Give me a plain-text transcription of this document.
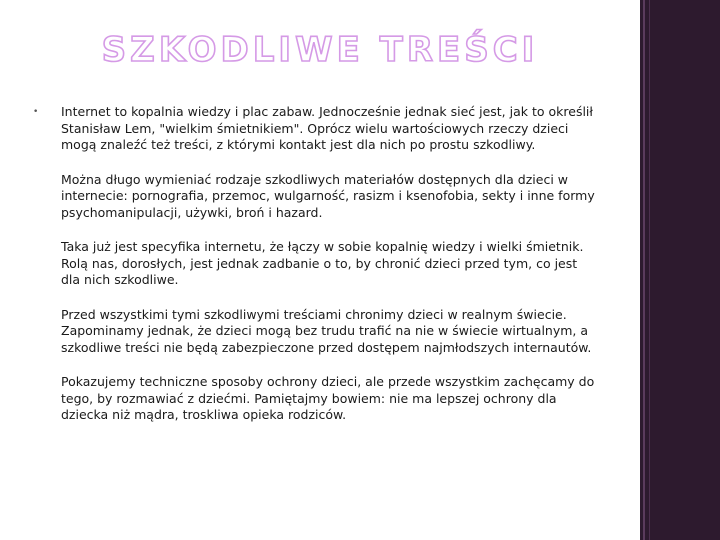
SZKODLIWE TREŚCI

• Internet to kopalnia wiedzy i plac zabaw. Jednocześnie jednak sieć jest, jak to określił Stanisław Lem, "wielkim śmietnikiem". Oprócz wielu wartościowych rzeczy dzieci mogą znaleźć też treści, z którymi kontakt jest dla nich po prostu szkodliwy.

Można długo wymieniać rodzaje szkodliwych materiałów dostępnych dla dzieci w internecie: pornografia, przemoc, wulgarność, rasizm i ksenofobia, sekty i inne formy psychomanipulacji, używki, broń i hazard.

Taka już jest specyfika internetu, że łączy w sobie kopalnię wiedzy i wielki śmietnik. Rolą nas, dorosłych, jest jednak zadbanie o to, by chronić dzieci przed tym, co jest dla nich szkodliwe.

Przed wszystkimi tymi szkodliwymi treściami chronimy dzieci w realnym świecie. Zapominamy jednak, że dzieci mogą bez trudu trafić na nie w świecie wirtualnym, a szkodliwe treści nie będą zabezpieczone przed dostępem najmłodszych internautów.

Pokazujemy techniczne sposoby ochrony dzieci, ale przede wszystkim zachęcamy do tego, by rozmawiać z dziećmi. Pamiętajmy bowiem: nie ma lepszej ochrony dla dziecka niż mądra, troskliwa opieka rodziców.
